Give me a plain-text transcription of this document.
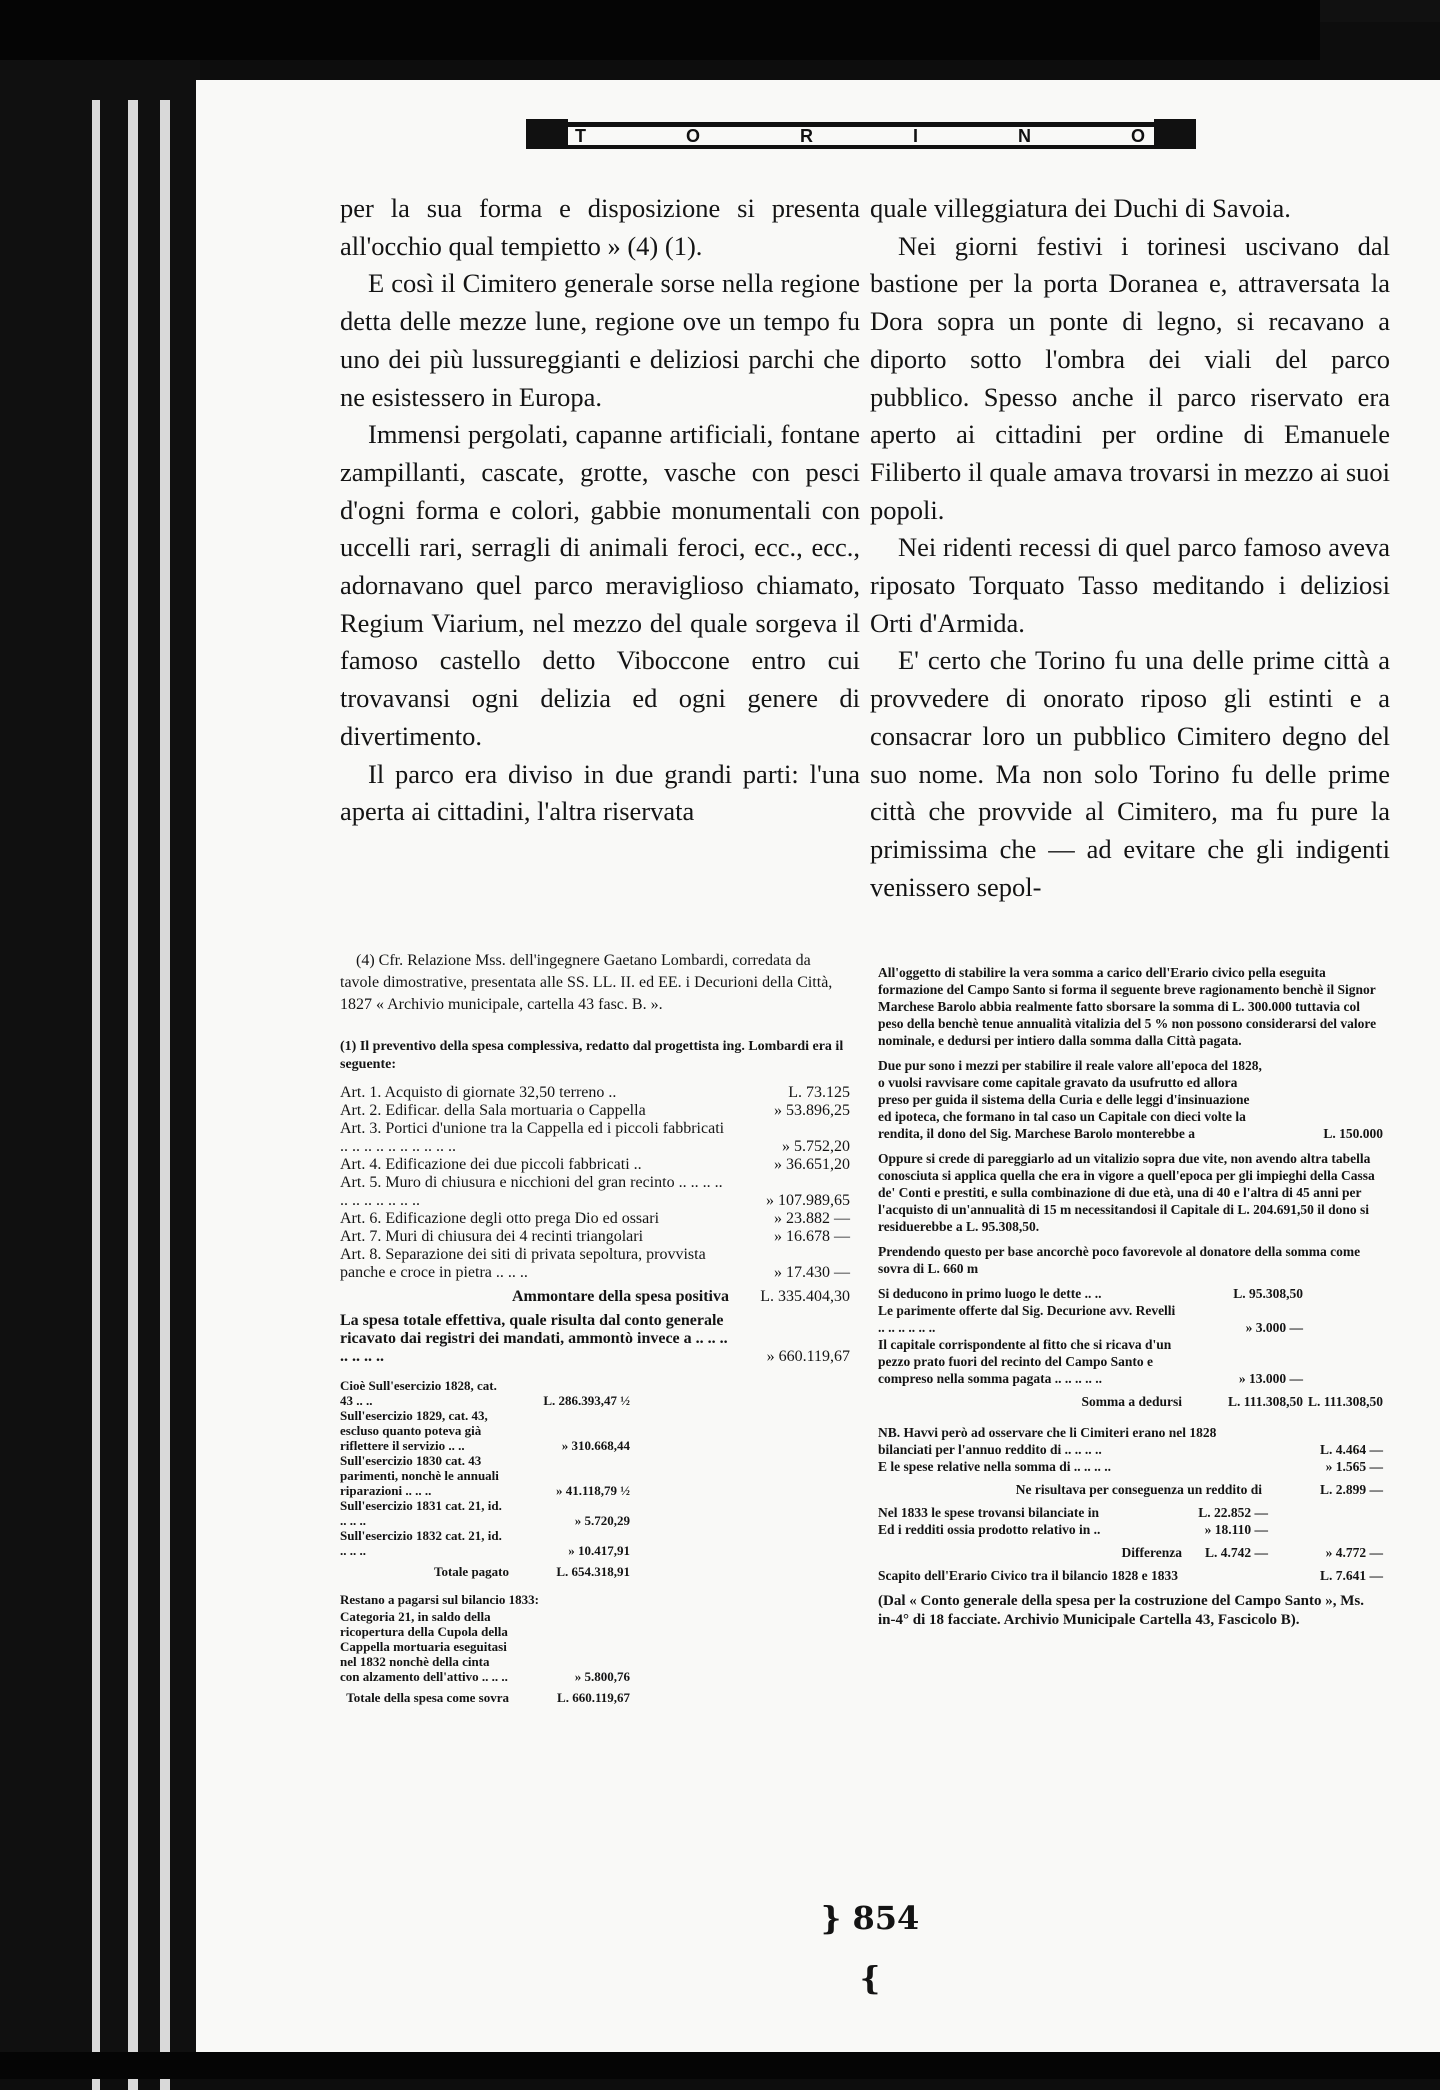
T	O	R	I	N	O

per la sua forma e disposizione si presenta all'occhio qual tempietto » (4) (1).

E così il Cimitero generale sorse nella regione detta delle mezze lune, regione ove un tempo fu uno dei più lussureggianti e deliziosi parchi che ne esistessero in Europa.

Immensi pergolati, capanne artificiali, fontane zampillanti, cascate, grotte, vasche con pesci d'ogni forma e colori, gabbie monumentali con uccelli rari, serragli di animali feroci, ecc., ecc., adornavano quel parco meraviglioso chiamato, Regium Viarium, nel mezzo del quale sorgeva il famoso castello detto Viboccone entro cui trovavansi ogni delizia ed ogni genere di divertimento.

Il parco era diviso in due grandi parti: l'una aperta ai cittadini, l'altra riservata

quale villeggiatura dei Duchi di Savoia.

Nei giorni festivi i torinesi uscivano dal bastione per la porta Doranea e, attraversata la Dora sopra un ponte di legno, si recavano a diporto sotto l'ombra dei viali del parco pubblico. Spesso anche il parco riservato era aperto ai cittadini per ordine di Emanuele Filiberto il quale amava trovarsi in mezzo ai suoi popoli.

Nei ridenti recessi di quel parco famoso aveva riposato Torquato Tasso meditando i deliziosi Orti d'Armida.

E' certo che Torino fu una delle prime città a provvedere di onorato riposo gli estinti e a consacrar loro un pubblico Cimitero degno del suo nome. Ma non solo Torino fu delle prime città che provvide al Cimitero, ma fu pure la primissima che — ad evitare che gli indigenti venissero sepol-

(4) Cfr. Relazione Mss. dell'ingegnere Gaetano Lombardi, corredata da tavole dimostrative, presentata alle SS. LL. II. ed EE. i Decurioni della Città, 1827 « Archivio municipale, cartella 43 fasc. B. ».

(1) Il preventivo della spesa complessiva, redatto dal progettista ing. Lombardi era il seguente:

Art. 1. Acquisto di giornate 32,50 terreno ..	L. 73.125
Art. 2. Edificar. della Sala mortuaria o Cappella	» 53.896,25
Art. 3. Portici d'unione tra la Cappella ed i piccoli fabbricati .. .. .. .. .. .. .. .. .. ..	» 5.752,20
Art. 4. Edificazione dei due piccoli fabbricati ..	» 36.651,20
Art. 5. Muro di chiusura e nicchioni del gran recinto .. .. .. .. .. .. .. .. .. .. ..	» 107.989,65
Art. 6. Edificazione degli otto prega Dio ed ossari	» 23.882 —
Art. 7. Muri di chiusura dei 4 recinti triangolari	» 16.678 —
Art. 8. Separazione dei siti di privata sepoltura, provvista panche e croce in pietra .. .. ..	» 17.430 —
Ammontare della spesa positiva	L. 335.404,30
La spesa totale effettiva, quale risulta dal conto generale ricavato dai registri dei mandati, ammontò invece a .. .. .. .. .. .. ..	» 660.119,67
Cioè Sull'esercizio 1828, cat. 43 .. ..	L. 286.393,47 ½
Sull'esercizio 1829, cat. 43, escluso quanto poteva già riflettere il servizio .. ..	» 310.668,44
Sull'esercizio 1830 cat. 43 parimenti, nonchè le annuali riparazioni .. .. ..	» 41.118,79 ½
Sull'esercizio 1831 cat. 21, id. .. .. ..	» 5.720,29
Sull'esercizio 1832 cat. 21, id. .. .. ..	» 10.417,91
Totale pagato	L. 654.318,91

Restano a pagarsi sul bilancio 1833:

Categoria 21, in saldo della ricopertura della Cupola della Cappella mortuaria eseguitasi nel 1832 nonchè della cinta con alzamento dell'attivo .. .. ..	» 5.800,76
Totale della spesa come sovra	L. 660.119,67

All'oggetto di stabilire la vera somma a carico dell'Erario civico pella eseguita formazione del Campo Santo si forma il seguente breve ragionamento benchè il Signor Marchese Barolo abbia realmente fatto sborsare la somma di L. 300.000 tuttavia col peso della benchè tenue annualità vitalizia del 5 % non possono considerarsi del valore nominale, e dedursi per intiero dalla somma dalla Città pagata.

Due pur sono i mezzi per stabilire il reale valore all'epoca del 1828, o vuolsi ravvisare come capitale gravato da usufrutto ed allora preso per guida il sistema della Curia e delle leggi d'insinuazione ed ipoteca, che formano in tal caso un Capitale con dieci volte la rendita, il dono del Sig. Marchese Barolo monterebbe a	L. 150.000

Oppure si crede di pareggiarlo ad un vitalizio sopra due vite, non avendo altra tabella conosciuta si applica quella che era in vigore a quell'epoca per gli impieghi della Cassa de' Conti e prestiti, e sulla combinazione di due età, una di 40 e l'altra di 45 anni per l'acquisto di un'annualità di 15 m necessitandosi il Capitale di L. 204.691,50 il dono si residuerebbe a L. 95.308,50.

Prendendo questo per base ancorchè poco favorevole al donatore della somma come sovra di L. 660 m

Si deducono in primo luogo le dette .. ..	L. 95.308,50	
Le parimente offerte dal Sig. Decurione avv. Revelli .. .. .. .. .. ..	» 3.000 —	
Il capitale corrispondente al fitto che si ricava d'un pezzo prato fuori del recinto del Campo Santo e compreso nella somma pagata .. .. .. .. ..	» 13.000 —	
Somma a dedursi	L. 111.308,50	L. 111.308,50
NB. Havvi però ad osservare che li Cimiteri erano nel 1828 bilanciati per l'annuo reddito di .. .. .. ..	L. 4.464 —
E le spese relative nella somma di .. .. .. ..	» 1.565 —
Ne risultava per conseguenza un reddito di	L. 2.899 —
Nel 1833 le spese trovansi bilanciate in	L. 22.852 —	
Ed i redditi ossia prodotto relativo in ..	» 18.110 —	
Differenza	L. 4.742 —	» 4.772 —
Scapito dell'Erario Civico tra il bilancio 1828 e 1833	L. 7.641 —

(Dal « Conto generale della spesa per la costruzione del Campo Santo », Ms. in-4° di 18 facciate. Archivio Municipale Cartella 43, Fascicolo B).

} 854 {
